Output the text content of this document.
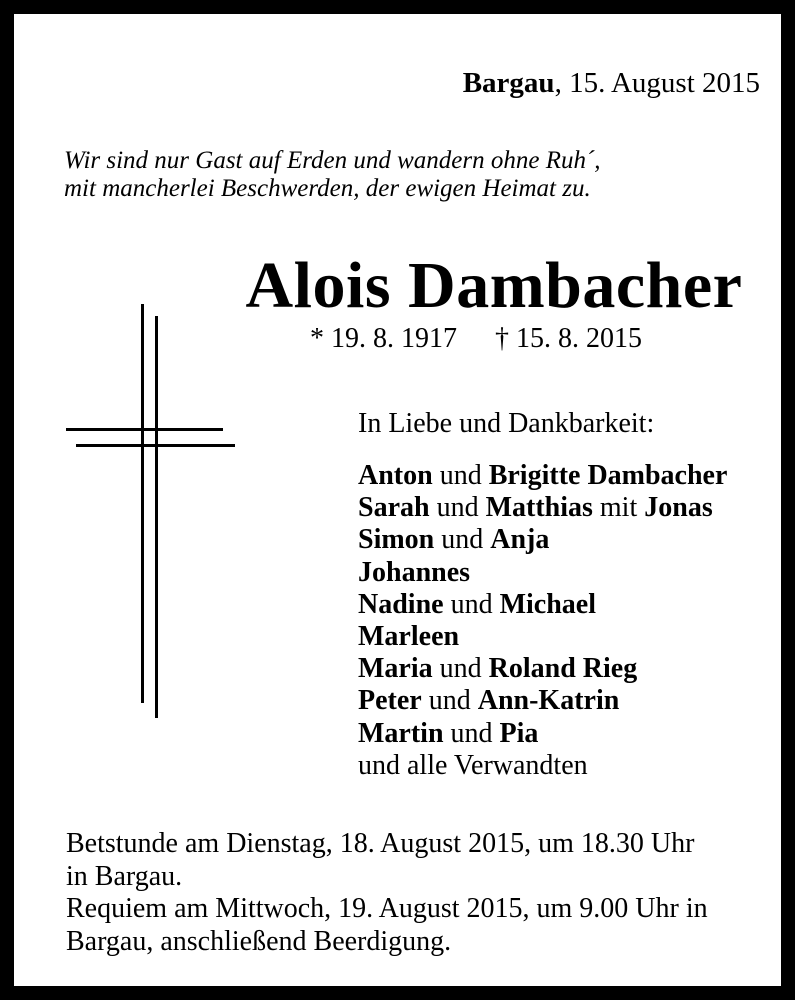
Bargau, 15. August 2015
Wir sind nur Gast auf Erden und wandern ohne Ruh´,
mit mancherlei Beschwerden, der ewigen Heimat zu.
Alois Dambacher
* 19. 8. 1917 † 15. 8. 2015
In Liebe und Dankbarkeit:
Anton und Brigitte Dambacher
Sarah und Matthias mit Jonas
Simon und Anja
Johannes
Nadine und Michael
Marleen
Maria und Roland Rieg
Peter und Ann-Katrin
Martin und Pia
und alle Verwandten
Betstunde am Dienstag, 18. August 2015, um 18.30 Uhr
in Bargau.
Requiem am Mittwoch, 19. August 2015, um 9.00 Uhr in
Bargau, anschließend Beerdigung.
